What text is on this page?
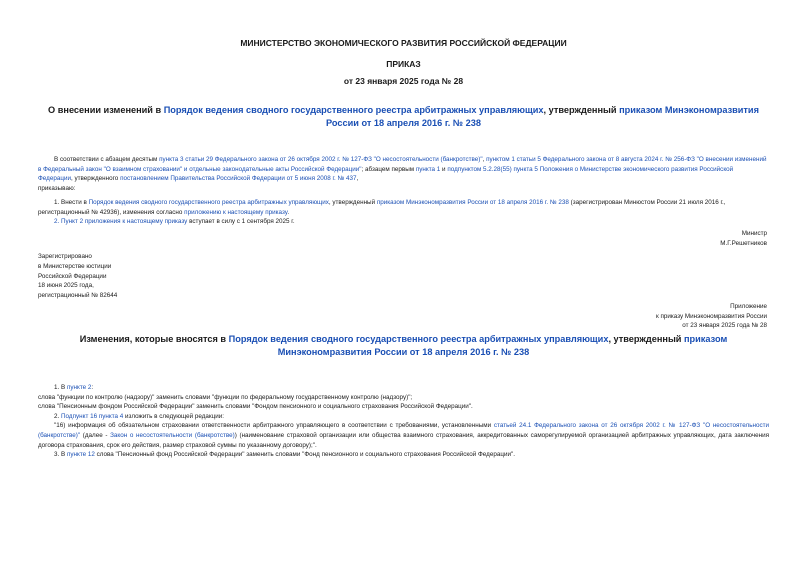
МИНИСТЕРСТВО ЭКОНОМИЧЕСКОГО РАЗВИТИЯ РОССИЙСКОЙ ФЕДЕРАЦИИ
ПРИКАЗ
от 23 января 2025 года № 28
О внесении изменений в Порядок ведения сводного государственного реестра арбитражных управляющих, утвержденный приказом Минэкономразвития России от 18 апреля 2016 г. № 238

В соответствии с абзацем десятым пункта 3 статьи 29 Федерального закона от 26 октября 2002 г. № 127-ФЗ "О несостоятельности (банкротстве)", пунктом 1 статьи 5 Федерального закона от 8 августа 2024 г. № 256-ФЗ "О внесении изменений в Федеральный закон "О взаимном страховании" и отдельные законодательные акты Российской Федерации"; абзацем первым пункта 1 и подпунктом 5.2.28(55) пункта 5 Положения о Министерстве экономического развития Российской Федерации, утвержденного постановлением Правительства Российской Федерации от 5 июня 2008 г. № 437,

приказываю:

1. Внести в Порядок ведения сводного государственного реестра арбитражных управляющих, утвержденный приказом Минэкономразвития России от 18 апреля 2016 г. № 238 (зарегистрирован Минюстом России 21 июля 2016 г., регистрационный № 42936), изменения согласно приложению к настоящему приказу.

2. Пункт 2 приложения к настоящему приказу вступает в силу с 1 сентября 2025 г.

Министр
М.Г.Решетников
Зарегистрировано
в Министерстве юстиции
Российской Федерации
18 июня 2025 года,
регистрационный № 82644
Приложение
к приказу Минэкономразвития России
от 23 января 2025 года № 28
Изменения, которые вносятся в Порядок ведения сводного государственного реестра арбитражных управляющих, утвержденный приказом Минэкономразвития России от 18 апреля 2016 г. № 238

1. В пункте 2:

слова "функции по контролю (надзору)" заменить словами "функции по федеральному государственному контролю (надзору)";

слова "Пенсионным фондом Российской Федерации" заменить словами "Фондом пенсионного и социального страхования Российской Федерации".

2. Подпункт 16 пункта 4 изложить в следующей редакции:

"16) информация об обязательном страховании ответственности арбитражного управляющего в соответствии с требованиями, установленными статьей 24.1 Федерального закона от 26 октября 2002 г. № 127-ФЗ "О несостоятельности (банкротстве)" (далее - Закон о несостоятельности (банкротстве)) (наименование страховой организации или общества взаимного страхования, аккредитованных саморегулируемой организацией арбитражных управляющих, дата заключения договора страхования, срок его действия, размер страховой суммы по указанному договору);".

3. В пункте 12 слова "Пенсионный фонд Российской Федерации" заменить словами "Фонд пенсионного и социального страхования Российской Федерации".
